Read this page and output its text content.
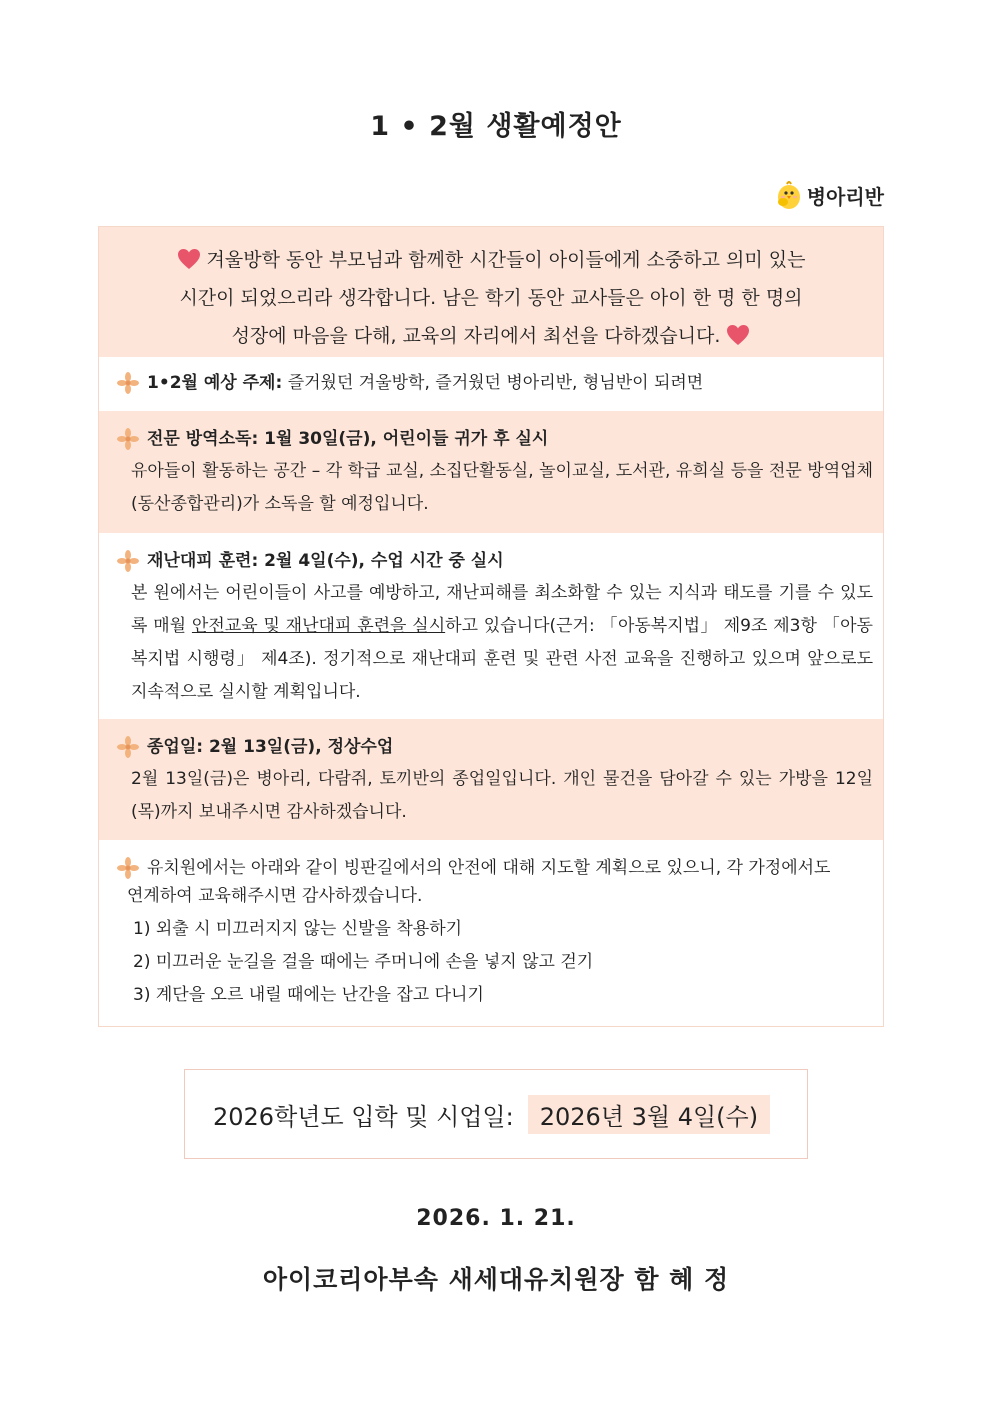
1 • 2월 생활예정안
병아리반
겨울방학 동안 부모님과 함께한 시간들이 아이들에게 소중하고 의미 있는
시간이 되었으리라 생각합니다. 남은 학기 동안 교사들은 아이 한 명 한 명의
성장에 마음을 다해, 교육의 자리에서 최선을 다하겠습니다.
1•2월 예상 주제:
즐거웠던 겨울방학, 즐거웠던 병아리반, 형님반이 되려면
전문 방역소독: 1월 30일(금), 어린이들 귀가 후 실시
유아들이 활동하는 공간 – 각 학급 교실, 소집단활동실, 놀이교실, 도서관, 유희실 등을 전문 방역업체(동산종합관리)가 소독을 할 예정입니다.
재난대피 훈련: 2월 4일(수), 수업 시간 중 실시
본 원에서는 어린이들이 사고를 예방하고, 재난피해를 최소화할 수 있는 지식과 태도를 기를 수 있도록 매월 안전교육 및 재난대피 훈련을 실시하고 있습니다(근거: 「아동복지법」 제9조 제3항 「아동복지법 시행령」 제4조). 정기적으로 재난대피 훈련 및 관련 사전 교육을 진행하고 있으며 앞으로도 지속적으로 실시할 계획입니다.
종업일: 2월 13일(금), 정상수업
2월 13일(금)은 병아리, 다람쥐, 토끼반의 종업일입니다. 개인 물건을 담아갈 수 있는 가방을 12일(목)까지 보내주시면 감사하겠습니다.
유치원에서는 아래와 같이 빙판길에서의 안전에 대해 지도할 계획으로 있으니, 각 가정에서도
연계하여 교육해주시면 감사하겠습니다.
1) 외출 시 미끄러지지 않는 신발을 착용하기
2) 미끄러운 눈길을 걸을 때에는 주머니에 손을 넣지 않고 걷기
3) 계단을 오르 내릴 때에는 난간을 잡고 다니기
2026학년도 입학 및 시업일:	2026년 3월 4일(수)
2026. 1. 21.
아이코리아부속 새세대유치원장 함 혜 정
